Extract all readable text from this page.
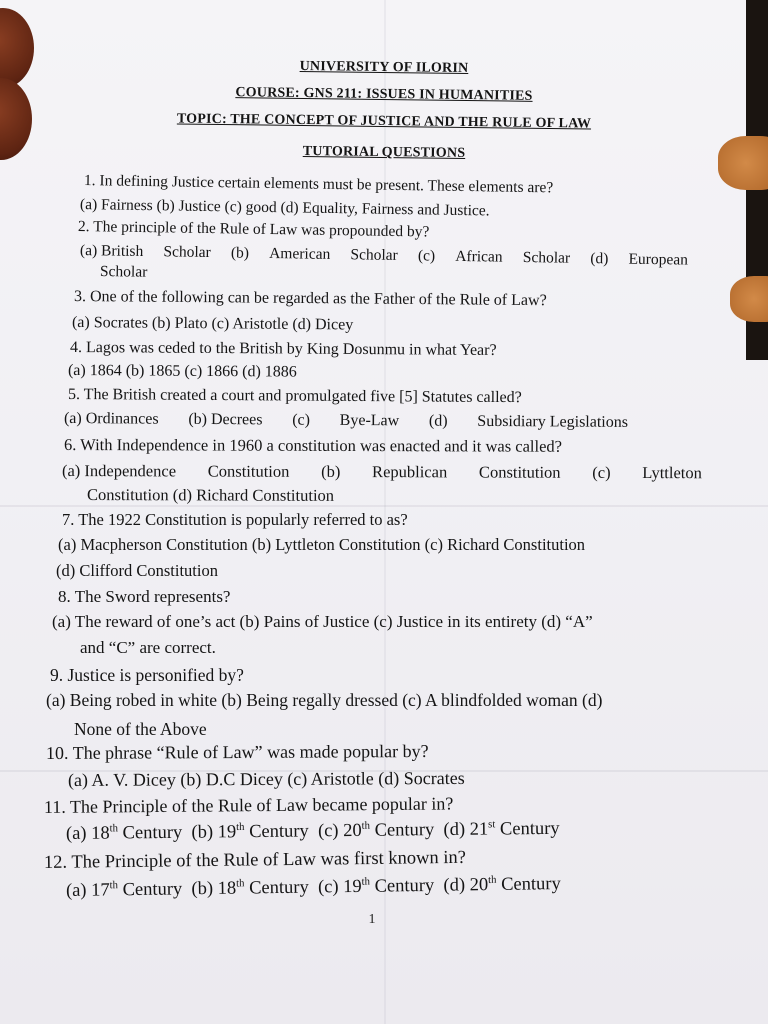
UNIVERSITY OF ILORIN
COURSE: GNS 211: ISSUES IN HUMANITIES
TOPIC: THE CONCEPT OF JUSTICE AND THE RULE OF LAW
TUTORIAL QUESTIONS
1. In defining Justice certain elements must be present. These elements are?
(a) Fairness (b) Justice (c) good (d) Equality, Fairness and Justice.
2. The principle of the Rule of Law was propounded by?
(a) British Scholar (b) American Scholar (c) African Scholar (d) European
Scholar
3. One of the following can be regarded as the Father of the Rule of Law?
(a) Socrates (b) Plato (c) Aristotle (d) Dicey
4. Lagos was ceded to the British by King Dosunmu in what Year?
(a) 1864 (b) 1865 (c) 1866 (d) 1886
5. The British created a court and promulgated five [5] Statutes called?
(a) Ordinances (b) Decrees (c) Bye-Law (d) Subsidiary Legislations
6. With Independence in 1960 a constitution was enacted and it was called?
(a) Independence Constitution (b) Republican Constitution (c) Lyttleton
Constitution (d) Richard Constitution
7. The 1922 Constitution is popularly referred to as?
(a) Macpherson Constitution (b) Lyttleton Constitution (c) Richard Constitution
(d) Clifford Constitution
8. The Sword represents?
(a) The reward of one’s act (b) Pains of Justice (c) Justice in its entirety (d) “A”
and “C” are correct.
9. Justice is personified by?
(a) Being robed in white (b) Being regally dressed (c) A blindfolded woman (d)
None of the Above
10. The phrase “Rule of Law” was made popular by?
(a) A. V. Dicey (b) D.C Dicey (c) Aristotle (d) Socrates
11. The Principle of the Rule of Law became popular in?
(a) 18th Century (b) 19th Century (c) 20th Century (d) 21st Century
12. The Principle of the Rule of Law was first known in?
(a) 17th Century (b) 18th Century (c) 19th Century (d) 20th Century
1
